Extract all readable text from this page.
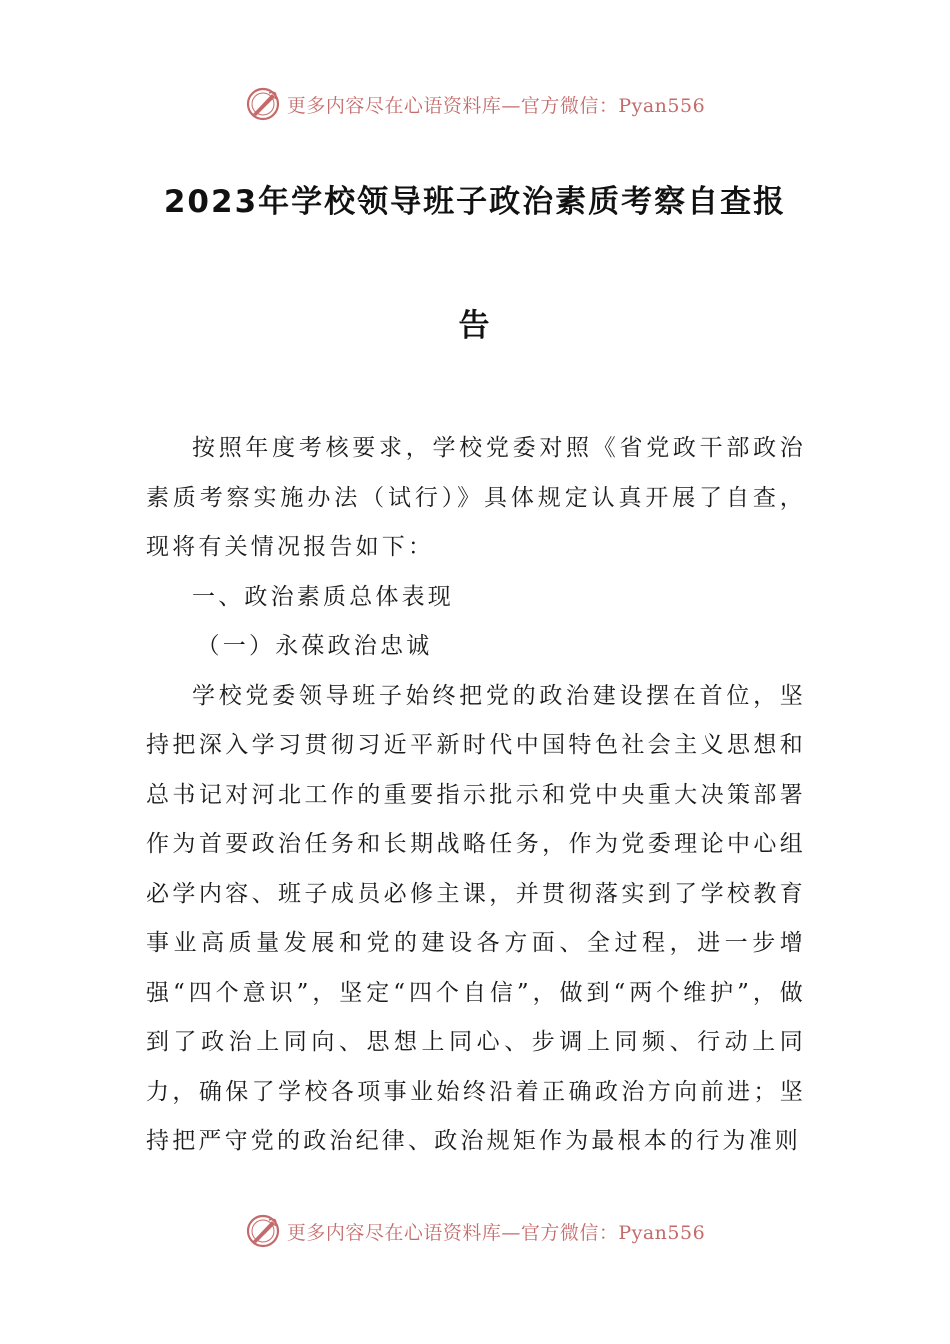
更多内容尽在心语资料库—官方微信：Pyan556
2023年学校领导班子政治素质考察自查报
告

按照年度考核要求，学校党委对照《省党政干部政治素质考察实施办法（试行）》具体规定认真开展了自查，现将有关情况报告如下：

一、政治素质总体表现

（一）永葆政治忠诚

学校党委领导班子始终把党的政治建设摆在首位，坚持把深入学习贯彻习近平新时代中国特色社会主义思想和总书记对河北工作的重要指示批示和党中央重大决策部署作为首要政治任务和长期战略任务，作为党委理论中心组必学内容、班子成员必修主课，并贯彻落实到了学校教育事业高质量发展和党的建设各方面、全过程，进一步增强“四个意识”，坚定“四个自信”，做到“两个维护”，做到了政治上同向、思想上同心、步调上同频、行动上同力，确保了学校各项事业始终沿着正确政治方向前进；坚持把严守党的政治纪律、政治规矩作为最根本的行为准则

更多内容尽在心语资料库—官方微信：Pyan556
